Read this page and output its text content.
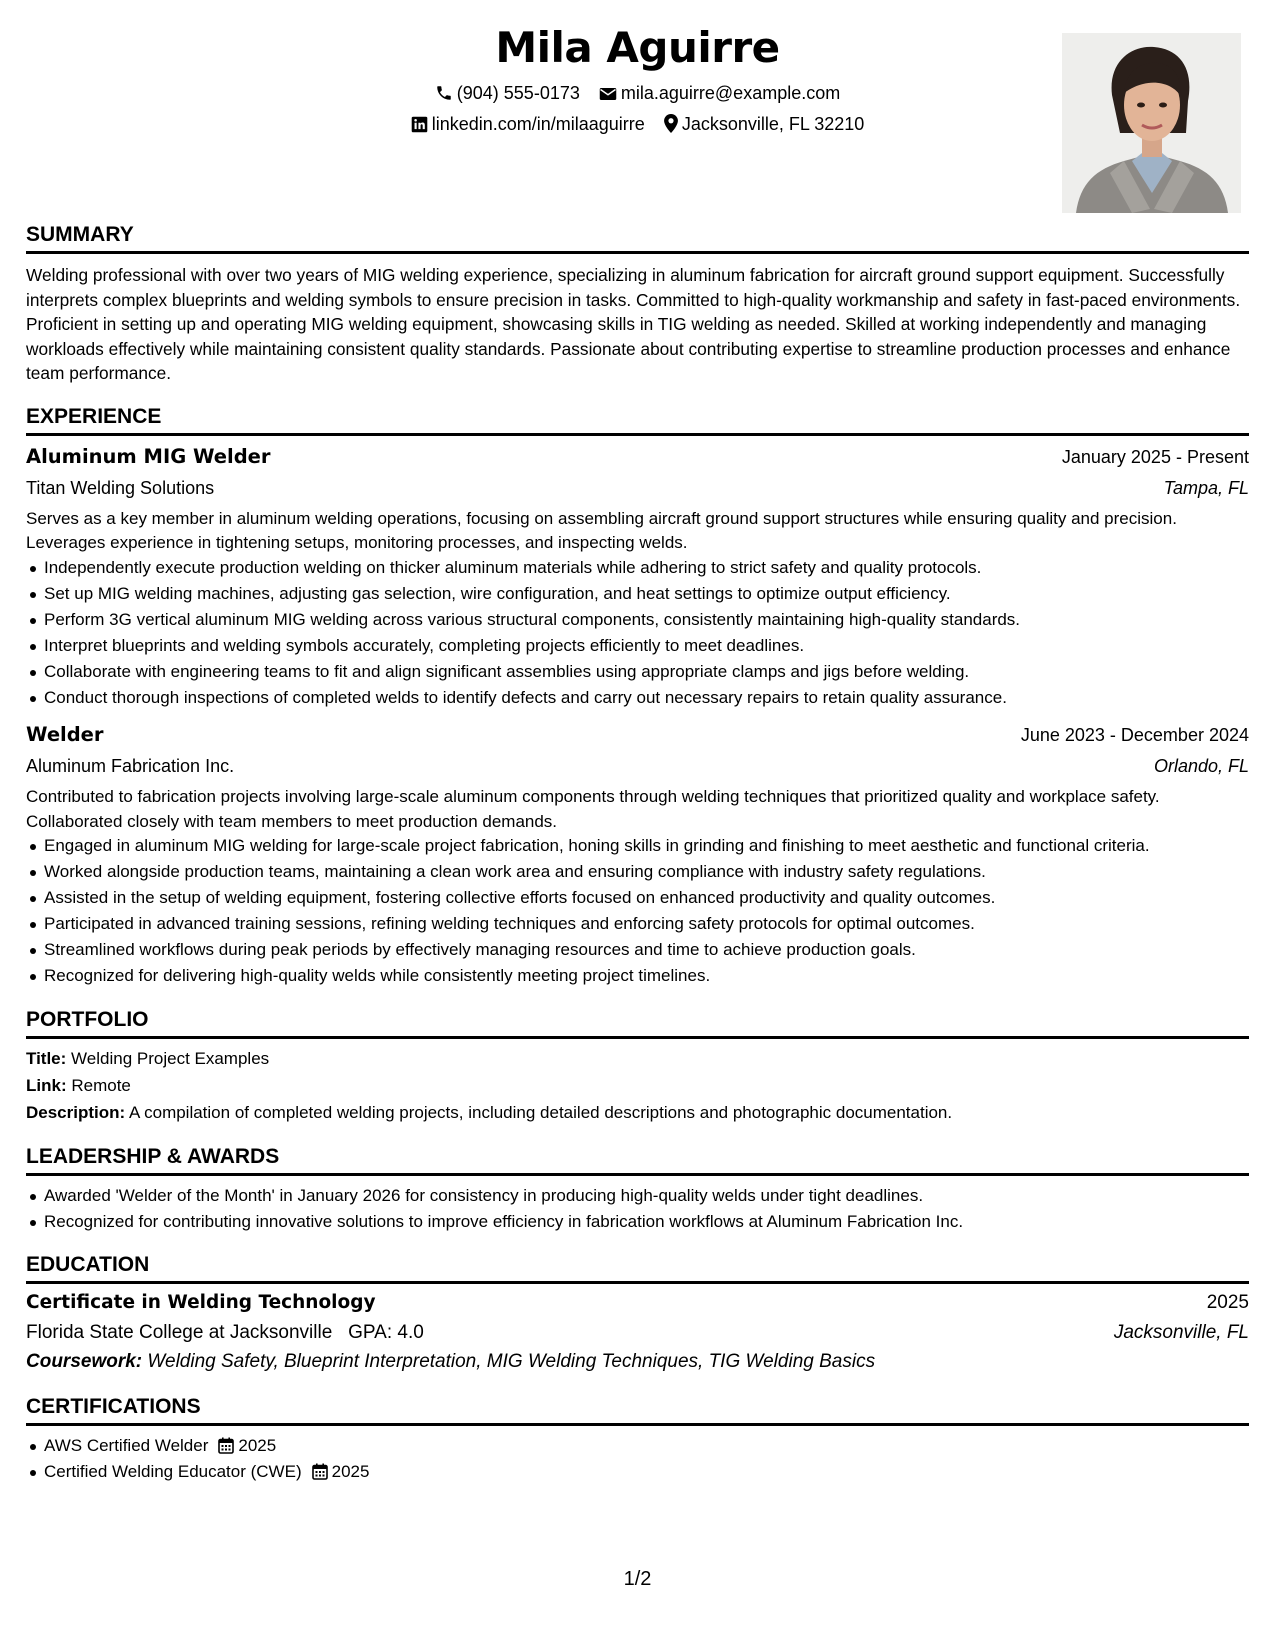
Mila Aguirre
(904) 555-0173 mila.aguirre@example.com
linkedin.com/in/milaaguirre Jacksonville, FL 32210
SUMMARY

Welding professional with over two years of MIG welding experience, specializing in aluminum fabrication for aircraft ground support equipment. Successfully interprets complex blueprints and welding symbols to ensure precision in tasks. Committed to high-quality workmanship and safety in fast-paced environments. Proficient in setting up and operating MIG welding equipment, showcasing skills in TIG welding as needed. Skilled at working independently and managing workloads effectively while maintaining consistent quality standards. Passionate about contributing expertise to streamline production processes and enhance team performance.

EXPERIENCE
Aluminum MIG Welder	January 2025 - Present
Titan Welding Solutions	Tampa, FL

Serves as a key member in aluminum welding operations, focusing on assembling aircraft ground support structures while ensuring quality and precision. Leverages experience in tightening setups, monitoring processes, and inspecting welds.

Independently execute production welding on thicker aluminum materials while adhering to strict safety and quality protocols.
Set up MIG welding machines, adjusting gas selection, wire configuration, and heat settings to optimize output efficiency.
Perform 3G vertical aluminum MIG welding across various structural components, consistently maintaining high-quality standards.
Interpret blueprints and welding symbols accurately, completing projects efficiently to meet deadlines.
Collaborate with engineering teams to fit and align significant assemblies using appropriate clamps and jigs before welding.
Conduct thorough inspections of completed welds to identify defects and carry out necessary repairs to retain quality assurance.
Welder	June 2023 - December 2024
Aluminum Fabrication Inc.	Orlando, FL

Contributed to fabrication projects involving large-scale aluminum components through welding techniques that prioritized quality and workplace safety. Collaborated closely with team members to meet production demands.

Engaged in aluminum MIG welding for large-scale project fabrication, honing skills in grinding and finishing to meet aesthetic and functional criteria.
Worked alongside production teams, maintaining a clean work area and ensuring compliance with industry safety regulations.
Assisted in the setup of welding equipment, fostering collective efforts focused on enhanced productivity and quality outcomes.
Participated in advanced training sessions, refining welding techniques and enforcing safety protocols for optimal outcomes.
Streamlined workflows during peak periods by effectively managing resources and time to achieve production goals.
Recognized for delivering high-quality welds while consistently meeting project timelines.
PORTFOLIO
Title: Welding Project Examples
Link: Remote
Description: A compilation of completed welding projects, including detailed descriptions and photographic documentation.
LEADERSHIP & AWARDS
Awarded 'Welder of the Month' in January 2026 for consistency in producing high-quality welds under tight deadlines.
Recognized for contributing innovative solutions to improve efficiency in fabrication workflows at Aluminum Fabrication Inc.
EDUCATION
Certificate in Welding Technology	2025
Florida State College at Jacksonville GPA: 4.0	Jacksonville, FL
Coursework: Welding Safety, Blueprint Interpretation, MIG Welding Techniques, TIG Welding Basics
CERTIFICATIONS
AWS Certified Welder 2025
Certified Welding Educator (CWE) 2025
1/2
